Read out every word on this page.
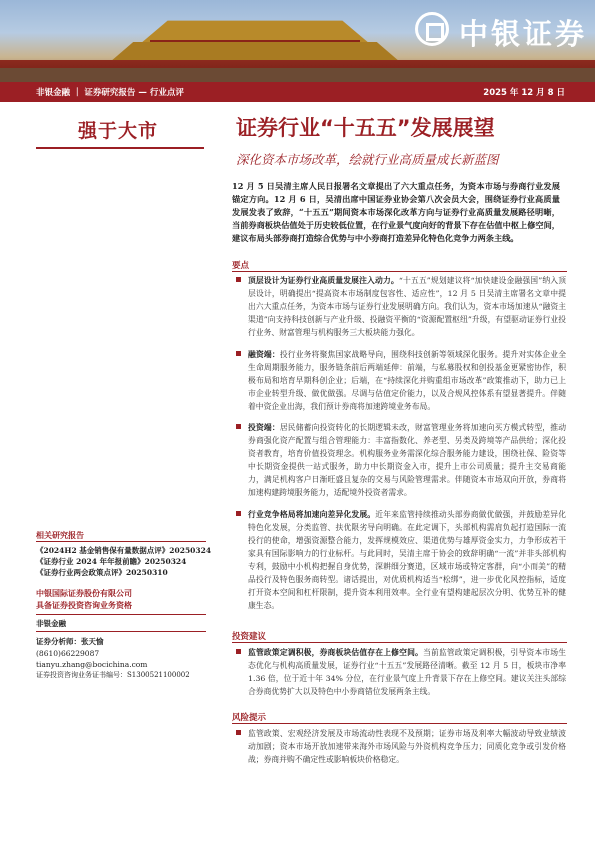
中银证券
非银金融 ｜ 证券研究报告 — 行业点评	2025 年 12 月 8 日
强于大市	证券行业“十五五”发展展望
深化资本市场改革，绘就行业高质量成长新蓝图
12 月 5 日吴清主席人民日报署名文章提出了六大重点任务，为资本市场与券商行业发展锚定方向。12 月 6 日，吴清出席中国证券业协会第八次会员大会，围绕证券行业高质量发展发表了致辞，“十五五”期间资本市场深化改革方向与证券行业高质量发展路径明晰，当前券商板块估值处于历史较低位置，在行业景气度向好的背景下存在估值中枢上修空间，建议布局头部券商打造综合优势与中小券商打造差异化特色化竞争力两条主线。
要点
顶层设计为证券行业高质量发展注入动力。“十五五”规划建议将“加快建设金融强国”纳入顶层设计，明确提出“提高资本市场制度包容性、适应性”，12 月 5 日吴清主席署名文章中提出六大重点任务，为资本市场与证券行业发展明确方向。我们认为，资本市场加速从“融资主渠道”向支持科技创新与产业升级、投融资平衡的“资源配置枢纽”升级，有望驱动证券行业投行业务、财富管理与机构服务三大板块能力强化。
融资端：投行业务将聚焦国家战略导向，围绕科技创新等领域深化服务。提升对实体企业全生命周期服务能力，服务链条前后两端延伸：前端，与私募股权和创投基金更紧密协作，积极布局和培育早期科创企业；后端，在“持续深化并购重组市场改革”政策推动下，助力已上市企业转型升级、做优做强。尽调与估值定价能力，以及合规风控体系有望显著提升。伴随着中资企业出海，我们预计券商将加速跨境业务布局。
投资端：居民储蓄向投资转化的长期逻辑未改，财富管理业务将加速向买方模式转型，推动券商强化资产配置与组合管理能力：丰富指数化、养老型、另类及跨境等产品供给；深化投资者教育，培育价值投资理念。机构服务业务需深化综合服务能力建设，围绕社保、险资等中长期资金提供一站式服务，助力中长期资金入市，提升上市公司质量；提升主交易商能力，满足机构客户日渐旺盛且复杂的交易与风险管理需求。伴随资本市场双向开放，券商将加速构建跨境服务能力，适配境外投资者需求。
行业竞争格局将加速向差异化发展。近年来监管持续推动头部券商做优做强，并鼓励差异化特色化发展，分类监管、扶优限劣导向明确。在此定调下，头部机构需肩负起打造国际一流投行的使命，增强资源整合能力，发挥规模效应、渠道优势与雄厚资金实力，力争形成若干家具有国际影响力的行业标杆。与此同时，吴清主席于协会的致辞明确“一流”并非头部机构专利，鼓励中小机构把握自身优势，深耕细分赛道，区域市场或特定客群，向“小而美”的精品投行及特色服务商转型。诸话提出，对优质机构适当“松绑”，进一步优化风控指标，适度打开资本空间和杠杆限制，提升资本利用效率。全行业有望构建起层次分明、优势互补的健康生态。
投资建议
监管政策定调积极，券商板块估值存在上修空间。当前监管政策定调积极，引导资本市场生态优化与机构高质量发展，证券行业“十五五”发展路径清晰。截至 12 月 5 日，板块市净率 1.36 倍，位于近十年 34% 分位，在行业景气度上升背景下存在上修空间。建议关注头部综合券商优势扩大以及特色中小券商错位发展两条主线。
风险提示
监管政策、宏观经济发展及市场流动性表现不及预期；证券市场及利率大幅波动导致业绩波动加剧；资本市场开放加速带来海外市场风险与外资机构竞争压力；同质化竞争或引发价格战；券商并购不确定性或影响板块价格稳定。
相关研究报告
《2024H2 基金销售保有量数据点评》20250324
《证券行业 2024 年年报前瞻》20250324
《证券行业两会政策点评》20250310
中银国际证券股份有限公司
具备证券投资咨询业务资格
非银金融
证券分析师：张天愉
(8610)66229087
tianyu.zhang@bocichina.com
证券投资咨询业务证书编号：S1300521100002
